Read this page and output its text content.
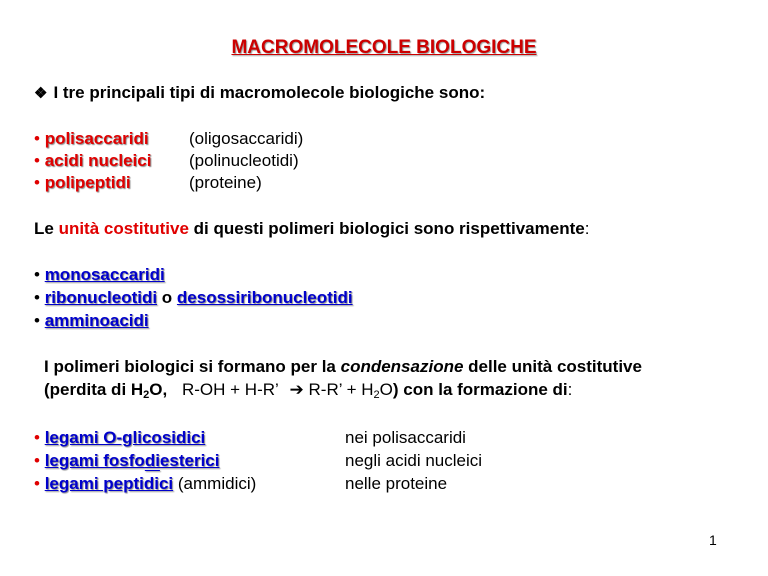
MACROMOLECOLE BIOLOGICHE
❖ I tre principali tipi di macromolecole biologiche sono:
• polisaccaridi (oligosaccaridi)
• acidi nucleici (polinucleotidi)
• polipeptidi	(proteine)
Le unità costitutive di questi polimeri biologici sono rispettivamente:
• monosaccaridi
• ribonucleotidi o desossiribonucleotidi
• amminoacidi
I polimeri biologici si formano per la condensazione delle unità costitutive
(perdita di $H_2O$, R-OH + H-R’ ➔ R-R’ + $H_2O$) con la formazione di:
• legami O-glicosidici	nei polisaccaridi
• legami fosfodiesterici	negli acidi nucleici
• legami peptidici (ammidici)	nelle proteine
1
